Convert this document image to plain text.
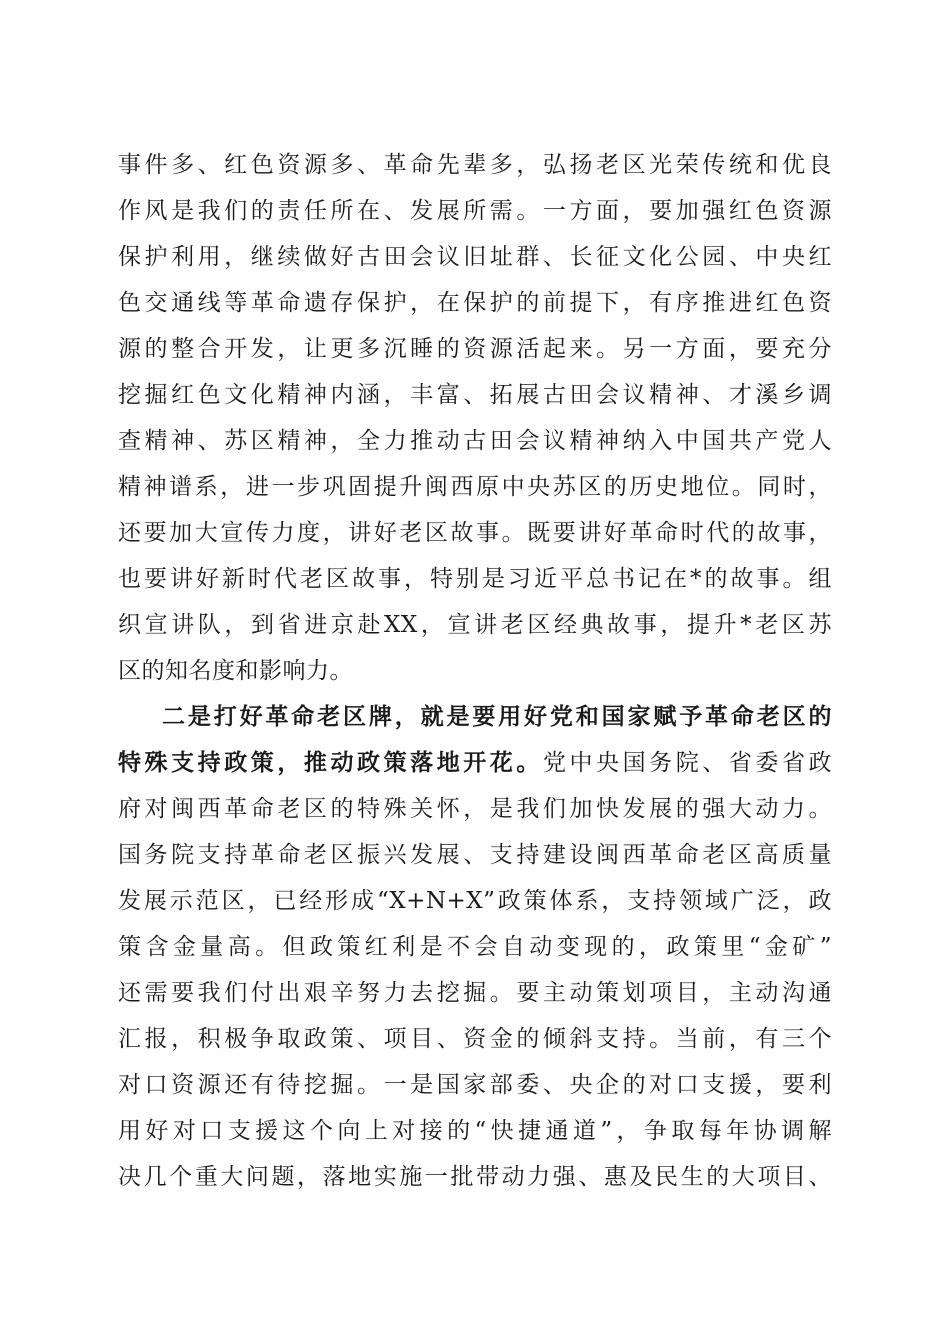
事件多、红色资源多、革命先辈多，弘扬老区光荣传统和优良
作风是我们的责任所在、发展所需。一方面，要加强红色资源
保护利用，继续做好古田会议旧址群、长征文化公园、中央红
色交通线等革命遗存保护，在保护的前提下，有序推进红色资
源的整合开发，让更多沉睡的资源活起来。另一方面，要充分
挖掘红色文化精神内涵，丰富、拓展古田会议精神、才溪乡调
查精神、苏区精神，全力推动古田会议精神纳入中国共产党人
精神谱系，进一步巩固提升闽西原中央苏区的历史地位。同时，
还要加大宣传力度，讲好老区故事。既要讲好革命时代的故事，
也要讲好新时代老区故事，特别是习近平总书记在*的故事。组
织宣讲队，到省进京赴XX，宣讲老区经典故事，提升*老区苏
区的知名度和影响力。
二是打好革命老区牌，就是要用好党和国家赋予革命老区的
特殊支持政策，推动政策落地开花。党中央国务院、省委省政
府对闽西革命老区的特殊关怀，是我们加快发展的强大动力。
国务院支持革命老区振兴发展、支持建设闽西革命老区高质量
发展示范区，已经形成“X+N+X”政策体系，支持领域广泛，政
策含金量高。但政策红利是不会自动变现的，政策里“金矿”
还需要我们付出艰辛努力去挖掘。要主动策划项目，主动沟通
汇报，积极争取政策、项目、资金的倾斜支持。当前，有三个
对口资源还有待挖掘。一是国家部委、央企的对口支援，要利
用好对口支援这个向上对接的“快捷通道”，争取每年协调解
决几个重大问题，落地实施一批带动力强、惠及民生的大项目、
